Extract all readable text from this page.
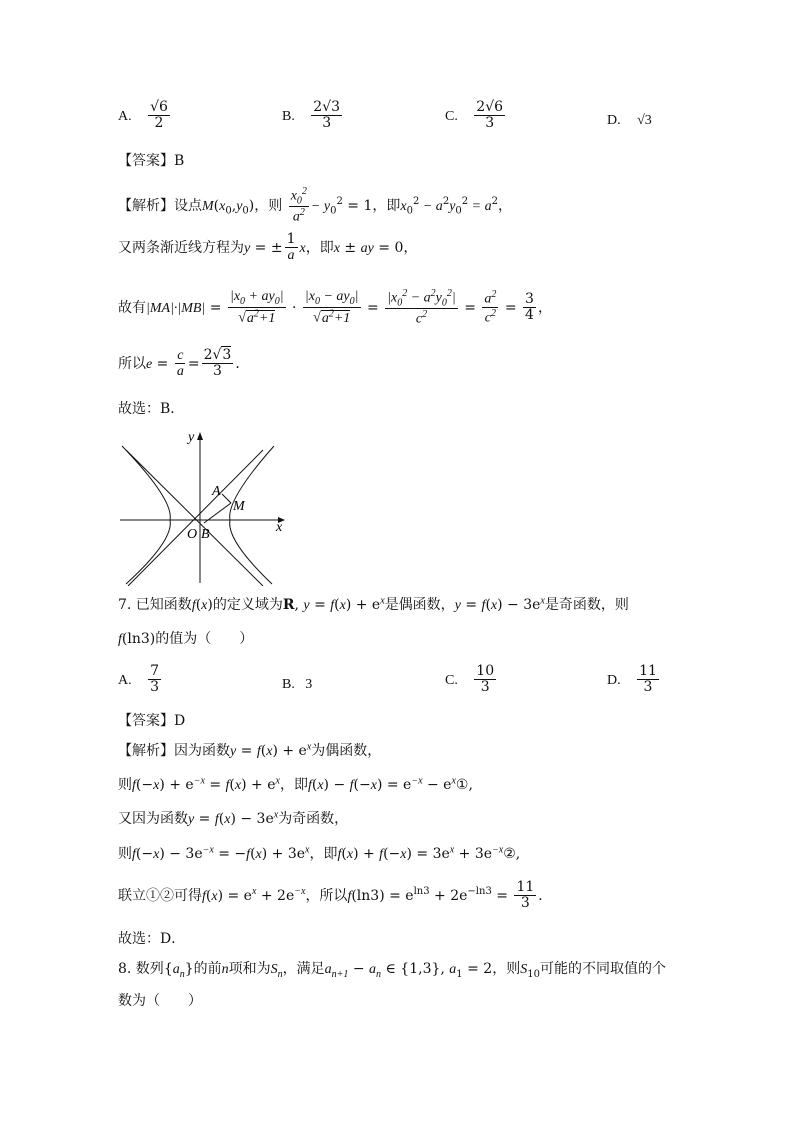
A. $\frac{√6}{2}$	B. $\frac{2√3}{3}$	C. $\frac{2√6}{3}$	D. √3
【答案】B
【解析】设点$M(x_0,y_0)$，则 $\frac{x_0^2}{a^2} - y_0^2 = 1$，即$x_0^2 - a^2y_0^2 = a^2$，
又两条渐近线方程为y = ± $\frac{1}{a}$ x，即x ± ay = 0，
故有$|MA|\cdot|MB| = \frac{|x_0 + ay_0|}{√a^2+1} \cdot \frac{|x_0 - ay_0|}{√a^2+1} = \frac{|x_0^2 - a^2y_0^2|}{c^2} = \frac{a^2}{c^2} = \frac{3}{4}$ ，
所以$e = \frac{c}{a} = \frac{2√3}{3}$ ．
故选：B．
y
x
A
M
O B
7. 已知函数f(x)的定义域为R, $y = f(x) + e^x$是偶函数，$y = f(x) - 3e^x$是奇函数，则
f(ln3)的值为（　　）
A. $\frac{7}{3}$	B. 3	C. $\frac{10}{3}$	D. $\frac{11}{3}$
【答案】D
【解析】因为函数$y = f(x) + e^x$为偶函数，
则$f(-x) + e^{-x} = f(x) + e^x$，即$f(x) - f(-x) = e^{-x}$ − $e^x①$,
又因为函数$y = f(x) - 3e^x$为奇函数，
则$f(-x) - 3e^{-x} = -f(x) + 3e^x$，即$f(x) + f(-x) = 3e^x$ + $3e^{-x}②$,
联立①②可得$f(x) = e^x + 2e^{-x}$，所以$f(\ln 3) = e^{ln3} + 2e^{-ln3} = \frac{11}{3}$ ．
故选：D．
8. 数列$\{a_n\}$的前n项和为$S_n$，满足$a_{n+1} - a_n$ ∈ {1,3}, $a_1 = 2$，则$S_{10}$可能的不同取值的个
数为（　　）
